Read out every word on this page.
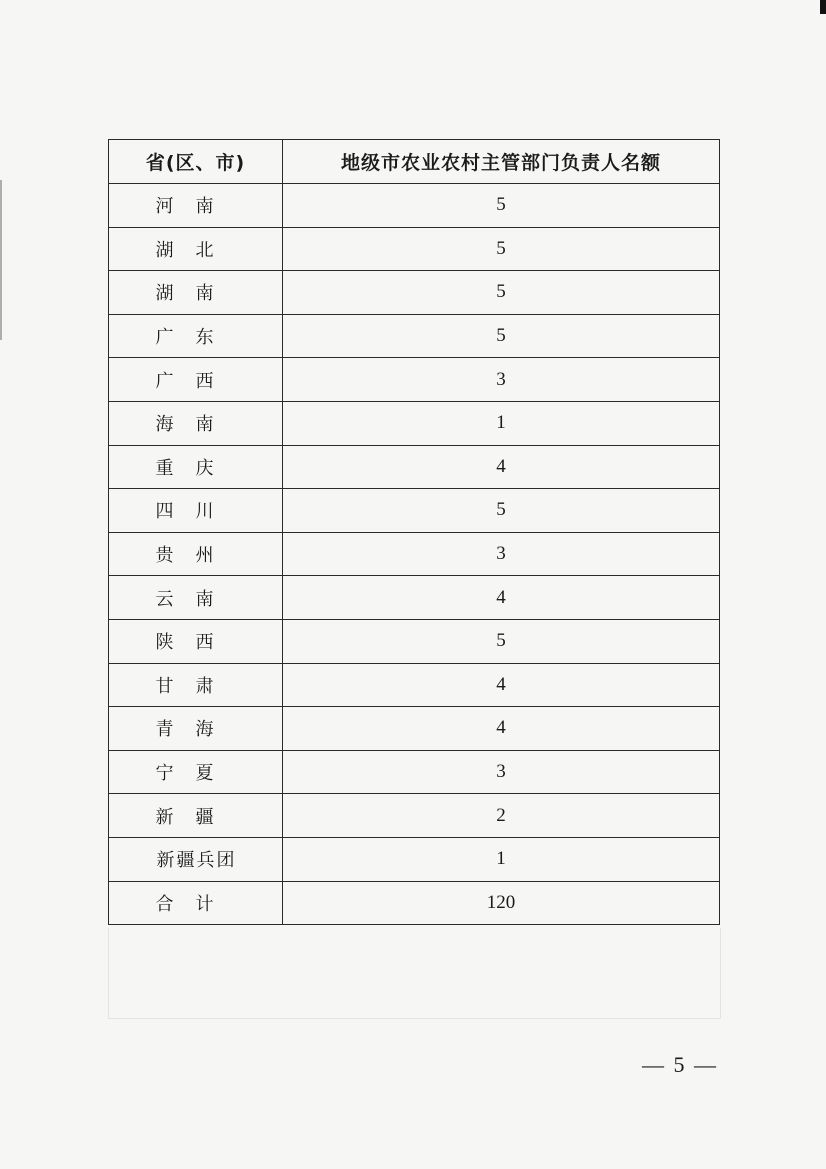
省(区、市)	地级市农业农村主管部门负责人名额
河南	5
湖北	5
湖南	5
广东	5
广西	3
海南	1
重庆	4
四川	5
贵州	3
云南	4
陕西	5
甘肃	4
青海	4
宁夏	3
新疆	2
新疆兵团	1
合计	120
— 5 —
